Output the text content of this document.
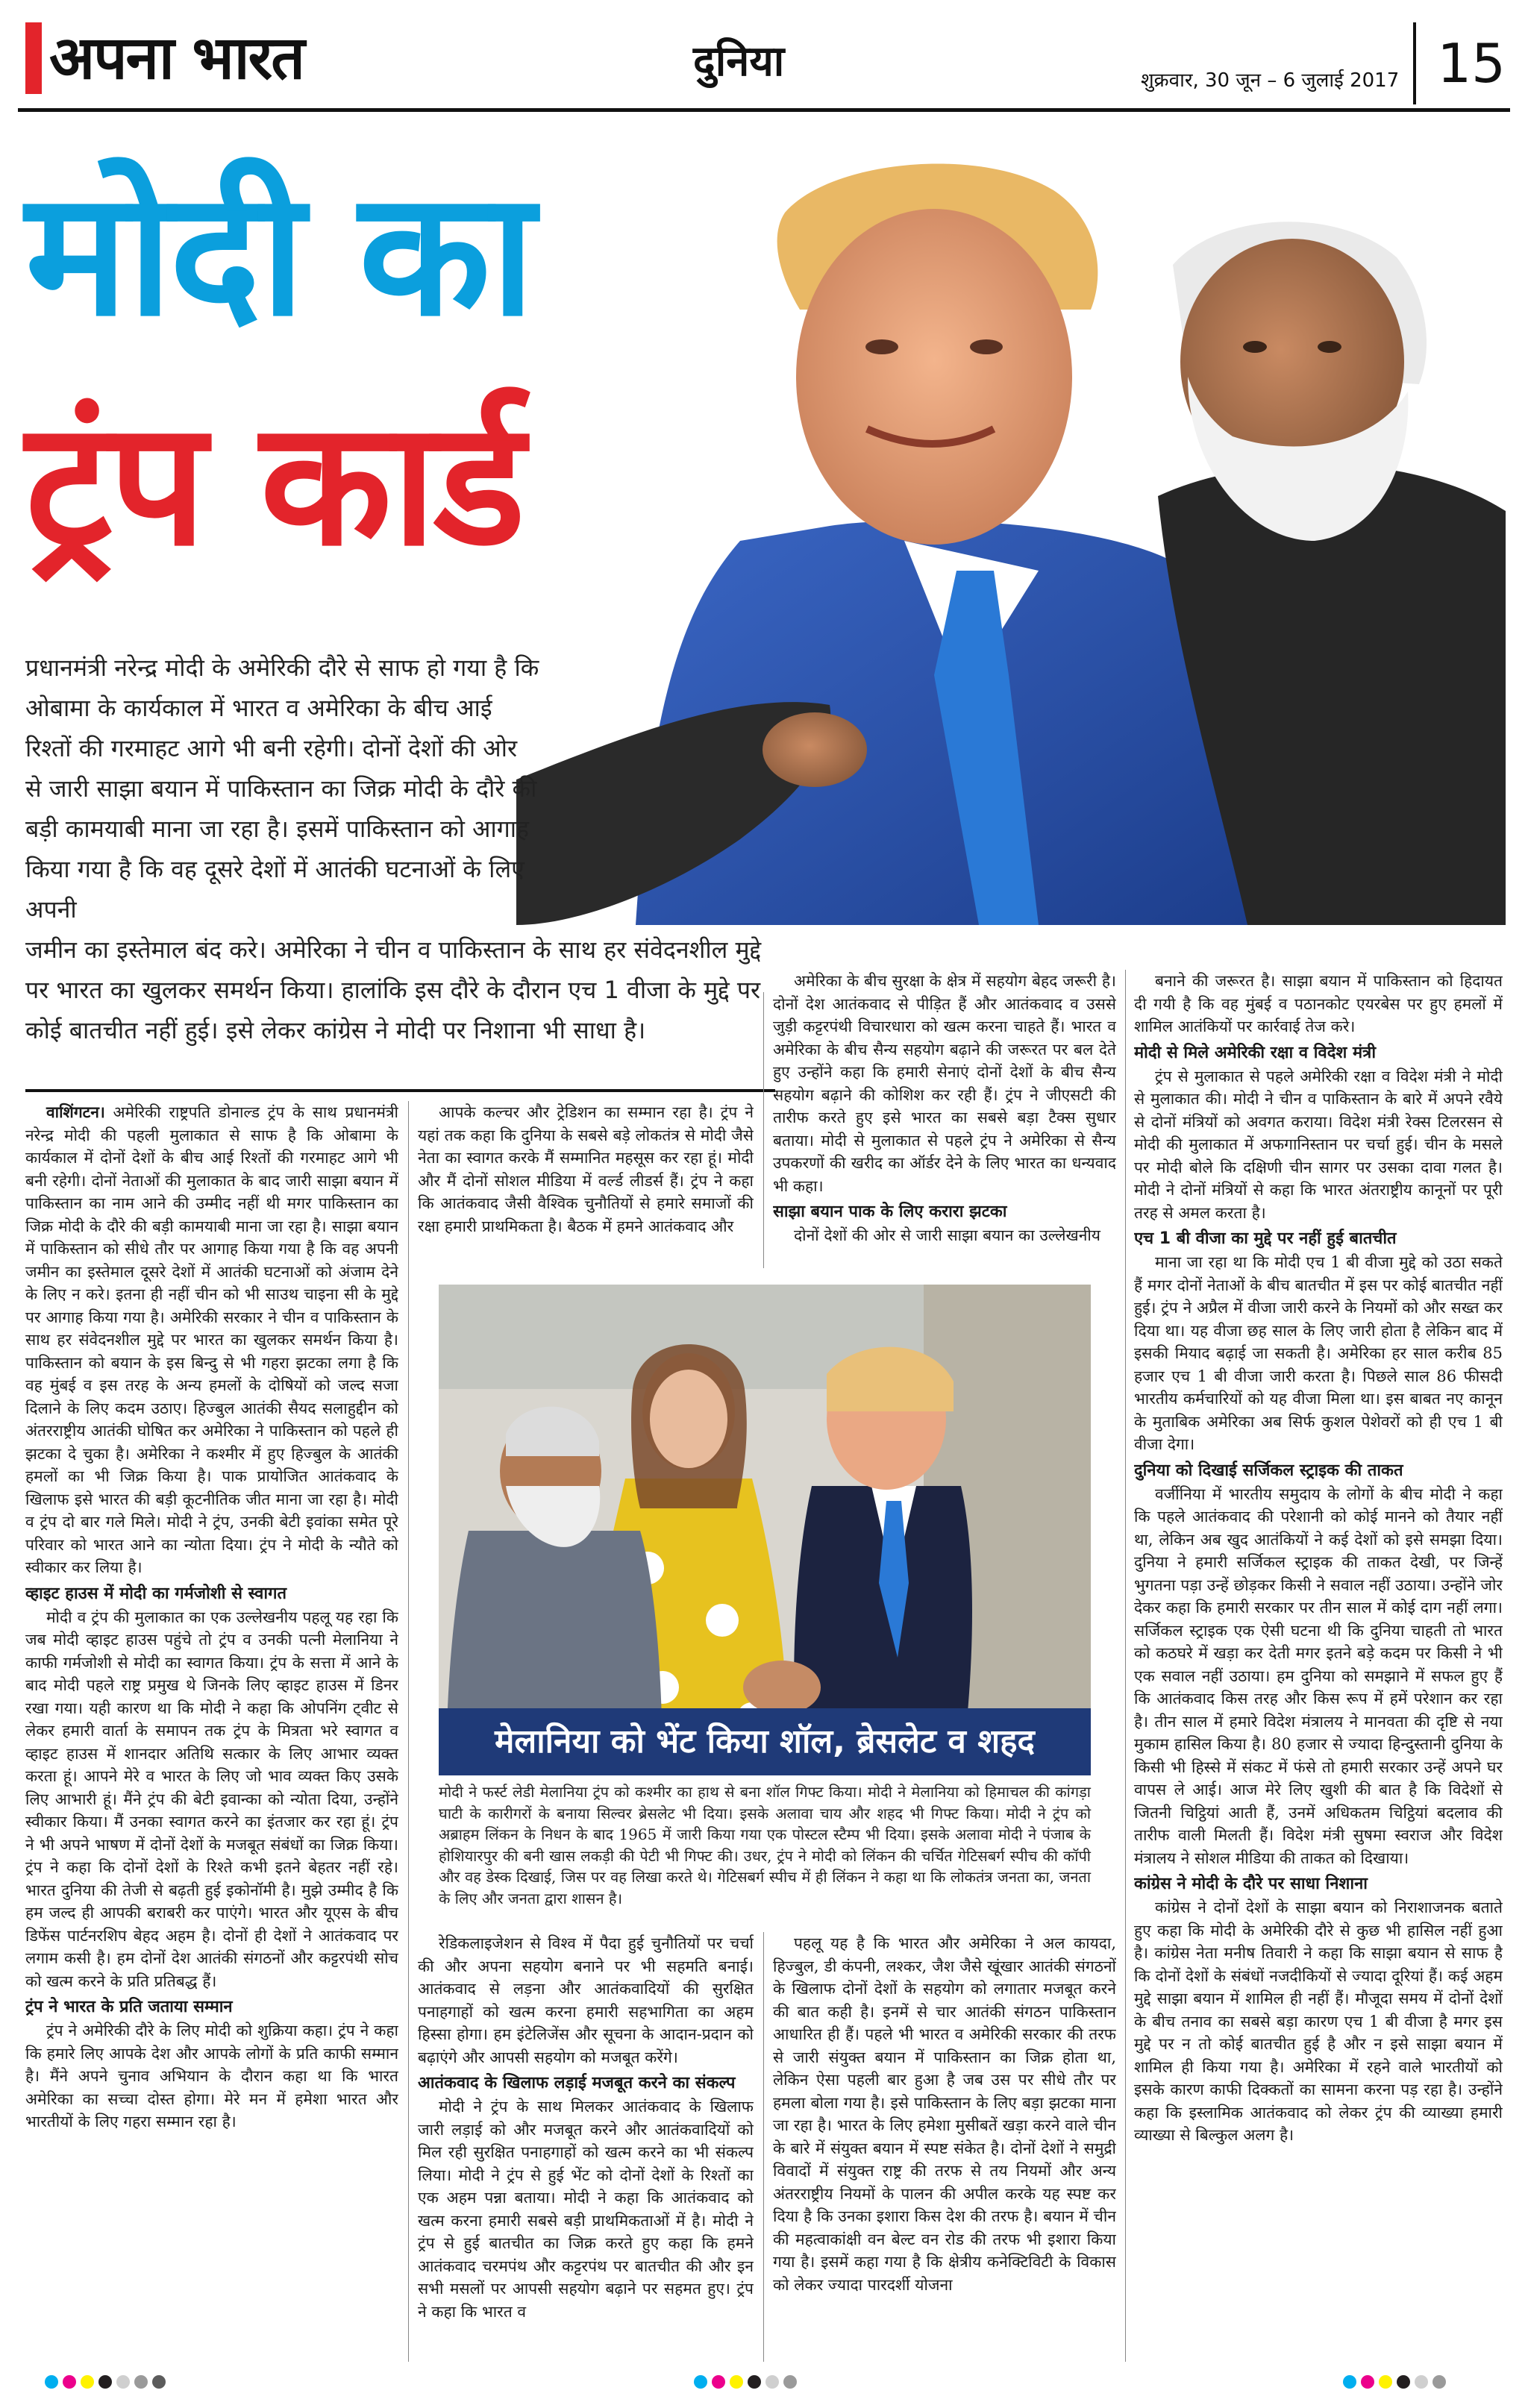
अपना भारत	दुनिया	शुक्रवार, 30 जून – 6 जुलाई 2017 15
मोदी का
ट्रंप कार्ड
प्रधानमंत्री नरेन्द्र मोदी के अमेरिकी दौरे से साफ हो गया है कि ओबामा के कार्यकाल में भारत व अमेरिका के बीच आई रिश्तों की गरमाहट आगे भी बनी रहेगी। दोनों देशों की ओर से जारी साझा बयान में पाकिस्तान का जिक्र मोदी के दौरे की बड़ी कामयाबी माना जा रहा है। इसमें पाकिस्तान को आगाह किया गया है कि वह दूसरे देशों में आतंकी घटनाओं के लिए अपनी
जमीन का इस्तेमाल बंद करे। अमेरिका ने चीन व पाकिस्तान के साथ हर संवेदनशील मुद्दे पर भारत का खुलकर समर्थन किया। हालांकि इस दौरे के दौरान एच 1 वीजा के मुद्दे पर कोई बातचीत नहीं हुई। इसे लेकर कांग्रेस ने मोदी पर निशाना भी साधा है।

वाशिंगटन। अमेरिकी राष्ट्रपति डोनाल्ड ट्रंप के साथ प्रधानमंत्री नरेन्द्र मोदी की पहली मुलाकात से साफ है कि ओबामा के कार्यकाल में दोनों देशों के बीच आई रिश्तों की गरमाहट आगे भी बनी रहेगी। दोनों नेताओं की मुलाकात के बाद जारी साझा बयान में पाकिस्तान का नाम आने की उम्मीद नहीं थी मगर पाकिस्तान का जिक्र मोदी के दौरे की बड़ी कामयाबी माना जा रहा है। साझा बयान में पाकिस्तान को सीधे तौर पर आगाह किया गया है कि वह अपनी जमीन का इस्तेमाल दूसरे देशों में आतंकी घटनाओं को अंजाम देने के लिए न करे। इतना ही नहीं चीन को भी साउथ चाइना सी के मुद्दे पर आगाह किया गया है। अमेरिकी सरकार ने चीन व पाकिस्तान के साथ हर संवेदनशील मुद्दे पर भारत का खुलकर समर्थन किया है। पाकिस्तान को बयान के इस बिन्दु से भी गहरा झटका लगा है कि वह मुंबई व इस तरह के अन्य हमलों के दोषियों को जल्द सजा दिलाने के लिए कदम उठाए। हिज्बुल आतंकी सैयद सलाहुद्दीन को अंतरराष्ट्रीय आतंकी घोषित कर अमेरिका ने पाकिस्तान को पहले ही झटका दे चुका है। अमेरिका ने कश्मीर में हुए हिज्बुल के आतंकी हमलों का भी जिक्र किया है। पाक प्रायोजित आतंकवाद के खिलाफ इसे भारत की बड़ी कूटनीतिक जीत माना जा रहा है। मोदी व ट्रंप दो बार गले मिले। मोदी ने ट्रंप, उनकी बेटी इवांका समेत पूरे परिवार को भारत आने का न्योता दिया। ट्रंप ने मोदी के न्यौते को स्वीकार कर लिया है।

व्हाइट हाउस में मोदी का गर्मजोशी से स्वागत

मोदी व ट्रंप की मुलाकात का एक उल्लेखनीय पहलू यह रहा कि जब मोदी व्हाइट हाउस पहुंचे तो ट्रंप व उनकी पत्नी मेलानिया ने काफी गर्मजोशी से मोदी का स्वागत किया। ट्रंप के सत्ता में आने के बाद मोदी पहले राष्ट्र प्रमुख थे जिनके लिए व्हाइट हाउस में डिनर रखा गया। यही कारण था कि मोदी ने कहा कि ओपनिंग ट्वीट से लेकर हमारी वार्ता के समापन तक ट्रंप के मित्रता भरे स्वागत व व्हाइट हाउस में शानदार अतिथि सत्कार के लिए आभार व्यक्त करता हूं। आपने मेरे व भारत के लिए जो भाव व्यक्त किए उसके लिए आभारी हूं। मैंने ट्रंप की बेटी इवान्का को न्योता दिया, उन्होंने स्वीकार किया। मैं उनका स्वागत करने का इंतजार कर रहा हूं। ट्रंप ने भी अपने भाषण में दोनों देशों के मजबूत संबंधों का जिक्र किया। ट्रंप ने कहा कि दोनों देशों के रिश्ते कभी इतने बेहतर नहीं रहे। भारत दुनिया की तेजी से बढ़ती हुई इकोनॉमी है। मुझे उम्मीद है कि हम जल्द ही आपकी बराबरी कर पाएंगे। भारत और यूएस के बीच डिफेंस पार्टनरशिप बेहद अहम है। दोनों ही देशों ने आतंकवाद पर लगाम कसी है। हम दोनों देश आतंकी संगठनों और कट्टरपंथी सोच को खत्म करने के प्रति प्रतिबद्ध हैं।

ट्रंप ने भारत के प्रति जताया सम्मान

ट्रंप ने अमेरिकी दौरे के लिए मोदी को शुक्रिया कहा। ट्रंप ने कहा कि हमारे लिए आपके देश और आपके लोगों के प्रति काफी सम्मान है। मैंने अपने चुनाव अभियान के दौरान कहा था कि भारत अमेरिका का सच्चा दोस्त होगा। मेरे मन में हमेशा भारत और भारतीयों के लिए गहरा सम्मान रहा है।

आपके कल्चर और ट्रेडिशन का सम्मान रहा है। ट्रंप ने यहां तक कहा कि दुनिया के सबसे बड़े लोकतंत्र से मोदी जैसे नेता का स्वागत करके मैं सम्मानित महसूस कर रहा हूं। मोदी और मैं दोनों सोशल मीडिया में वर्ल्ड लीडर्स हैं। ट्रंप ने कहा कि आतंकवाद जैसी वैश्विक चुनौतियों से हमारे समाजों की रक्षा हमारी प्राथमिकता है। बैठक में हमने आतंकवाद और

अमेरिका के बीच सुरक्षा के क्षेत्र में सहयोग बेहद जरूरी है। दोनों देश आतंकवाद से पीड़ित हैं और आतंकवाद व उससे जुड़ी कट्टरपंथी विचारधारा को खत्म करना चाहते हैं। भारत व अमेरिका के बीच सैन्य सहयोग बढ़ाने की जरूरत पर बल देते हुए उन्होंने कहा कि हमारी सेनाएं दोनों देशों के बीच सैन्य सहयोग बढ़ाने की कोशिश कर रही हैं। ट्रंप ने जीएसटी की तारीफ करते हुए इसे भारत का सबसे बड़ा टैक्स सुधार बताया। मोदी से मुलाकात से पहले ट्रंप ने अमेरिका से सैन्य उपकरणों की खरीद का ऑर्डर देने के लिए भारत का धन्यवाद भी कहा।

साझा बयान पाक के लिए करारा झटका

दोनों देशों की ओर से जारी साझा बयान का उल्लेखनीय

मेलानिया को भेंट किया शॉल, ब्रेसलेट व शहद

मोदी ने फर्स्ट लेडी मेलानिया ट्रंप को कश्मीर का हाथ से बना शॉल गिफ्ट किया। मोदी ने मेलानिया को हिमाचल की कांगड़ा घाटी के कारीगरों के बनाया सिल्वर ब्रेसलेट भी दिया। इसके अलावा चाय और शहद भी गिफ्ट किया। मोदी ने ट्रंप को अब्राहम लिंकन के निधन के बाद 1965 में जारी किया गया एक पोस्टल स्टैम्प भी दिया। इसके अलावा मोदी ने पंजाब के होशियारपुर की बनी खास लकड़ी की पेटी भी गिफ्ट की। उधर, ट्रंप ने मोदी को लिंकन की चर्चित गेटिसबर्ग स्पीच की कॉपी और वह डेस्क दिखाई, जिस पर वह लिखा करते थे। गेटिसबर्ग स्पीच में ही लिंकन ने कहा था कि लोकतंत्र जनता का, जनता के लिए और जनता द्वारा शासन है।

रेडिकलाइजेशन से विश्व में पैदा हुई चुनौतियों पर चर्चा की और अपना सहयोग बनाने पर भी सहमति बनाई। आतंकवाद से लड़ना और आतंकवादियों की सुरक्षित पनाहगाहों को खत्म करना हमारी सहभागिता का अहम हिस्सा होगा। हम इंटेलिजेंस और सूचना के आदान-प्रदान को बढ़ाएंगे और आपसी सहयोग को मजबूत करेंगे।

आतंकवाद के खिलाफ लड़ाई मजबूत करने का संकल्प

मोदी ने ट्रंप के साथ मिलकर आतंकवाद के खिलाफ जारी लड़ाई को और मजबूत करने और आतंकवादियों को मिल रही सुरक्षित पनाहगाहों को खत्म करने का भी संकल्प लिया। मोदी ने ट्रंप से हुई भेंट को दोनों देशों के रिश्तों का एक अहम पन्ना बताया। मोदी ने कहा कि आतंकवाद को खत्म करना हमारी सबसे बड़ी प्राथमिकताओं में है। मोदी ने ट्रंप से हुई बातचीत का जिक्र करते हुए कहा कि हमने आतंकवाद चरमपंथ और कट्टरपंथ पर बातचीत की और इन सभी मसलों पर आपसी सहयोग बढ़ाने पर सहमत हुए। ट्रंप ने कहा कि भारत व

पहलू यह है कि भारत और अमेरिका ने अल कायदा, हिज्बुल, डी कंपनी, लश्कर, जैश जैसे खूंखार आतंकी संगठनों के खिलाफ दोनों देशों के सहयोग को लगातार मजबूत करने की बात कही है। इनमें से चार आतंकी संगठन पाकिस्तान आधारित ही हैं। पहले भी भारत व अमेरिकी सरकार की तरफ से जारी संयुक्त बयान में पाकिस्तान का जिक्र होता था, लेकिन ऐसा पहली बार हुआ है जब उस पर सीधे तौर पर हमला बोला गया है। इसे पाकिस्तान के लिए बड़ा झटका माना जा रहा है। भारत के लिए हमेशा मुसीबतें खड़ा करने वाले चीन के बारे में संयुक्त बयान में स्पष्ट संकेत है। दोनों देशों ने समुद्री विवादों में संयुक्त राष्ट्र की तरफ से तय नियमों और अन्य अंतरराष्ट्रीय नियमों के पालन की अपील करके यह स्पष्ट कर दिया है कि उनका इशारा किस देश की तरफ है। बयान में चीन की महत्वाकांक्षी वन बेल्ट वन रोड की तरफ भी इशारा किया गया है। इसमें कहा गया है कि क्षेत्रीय कनेक्टिविटी के विकास को लेकर ज्यादा पारदर्शी योजना

बनाने की जरूरत है। साझा बयान में पाकिस्तान को हिदायत दी गयी है कि वह मुंबई व पठानकोट एयरबेस पर हुए हमलों में शामिल आतंकियों पर कार्रवाई तेज करे।

मोदी से मिले अमेरिकी रक्षा व विदेश मंत्री

ट्रंप से मुलाकात से पहले अमेरिकी रक्षा व विदेश मंत्री ने मोदी से मुलाकात की। मोदी ने चीन व पाकिस्तान के बारे में अपने रवैये से दोनों मंत्रियों को अवगत कराया। विदेश मंत्री रेक्स टिलरसन से मोदी की मुलाकात में अफगानिस्तान पर चर्चा हुई। चीन के मसले पर मोदी बोले कि दक्षिणी चीन सागर पर उसका दावा गलत है। मोदी ने दोनों मंत्रियों से कहा कि भारत अंतराष्ट्रीय कानूनों पर पूरी तरह से अमल करता है।

एच 1 बी वीजा का मुद्दे पर नहीं हुई बातचीत

माना जा रहा था कि मोदी एच 1 बी वीजा मुद्दे को उठा सकते हैं मगर दोनों नेताओं के बीच बातचीत में इस पर कोई बातचीत नहीं हुई। ट्रंप ने अप्रैल में वीजा जारी करने के नियमों को और सख्त कर दिया था। यह वीजा छह साल के लिए जारी होता है लेकिन बाद में इसकी मियाद बढ़ाई जा सकती है। अमेरिका हर साल करीब 85 हजार एच 1 बी वीजा जारी करता है। पिछले साल 86 फीसदी भारतीय कर्मचारियों को यह वीजा मिला था। इस बाबत नए कानून के मुताबिक अमेरिका अब सिर्फ कुशल पेशेवरों को ही एच 1 बी वीजा देगा।

दुनिया को दिखाई सर्जिकल स्ट्राइक की ताकत

वर्जीनिया में भारतीय समुदाय के लोगों के बीच मोदी ने कहा कि पहले आतंकवाद की परेशानी को कोई मानने को तैयार नहीं था, लेकिन अब खुद आतंकियों ने कई देशों को इसे समझा दिया। दुनिया ने हमारी सर्जिकल स्ट्राइक की ताकत देखी, पर जिन्हें भुगतना पड़ा उन्हें छोड़कर किसी ने सवाल नहीं उठाया। उन्होंने जोर देकर कहा कि हमारी सरकार पर तीन साल में कोई दाग नहीं लगा। सर्जिकल स्ट्राइक एक ऐसी घटना थी कि दुनिया चाहती तो भारत को कठघरे में खड़ा कर देती मगर इतने बड़े कदम पर किसी ने भी एक सवाल नहीं उठाया। हम दुनिया को समझाने में सफल हुए हैं कि आतंकवाद किस तरह और किस रूप में हमें परेशान कर रहा है। तीन साल में हमारे विदेश मंत्रालय ने मानवता की दृष्टि से नया मुकाम हासिल किया है। 80 हजार से ज्यादा हिन्दुस्तानी दुनिया के किसी भी हिस्से में संकट में फंसे तो हमारी सरकार उन्हें अपने घर वापस ले आई। आज मेरे लिए खुशी की बात है कि विदेशों से जितनी चिट्ठियां आती हैं, उनमें अधिकतम चिट्ठियां बदलाव की तारीफ वाली मिलती हैं। विदेश मंत्री सुषमा स्वराज और विदेश मंत्रालय ने सोशल मीडिया की ताकत को दिखाया।

कांग्रेस ने मोदी के दौरे पर साधा निशाना

कांग्रेस ने दोनों देशों के साझा बयान को निराशाजनक बताते हुए कहा कि मोदी के अमेरिकी दौरे से कुछ भी हासिल नहीं हुआ है। कांग्रेस नेता मनीष तिवारी ने कहा कि साझा बयान से साफ है कि दोनों देशों के संबंधों नजदीकियों से ज्यादा दूरियां हैं। कई अहम मुद्दे साझा बयान में शामिल ही नहीं हैं। मौजूदा समय में दोनों देशों के बीच तनाव का सबसे बड़ा कारण एच 1 बी वीजा है मगर इस मुद्दे पर न तो कोई बातचीत हुई है और न इसे साझा बयान में शामिल ही किया गया है। अमेरिका में रहने वाले भारतीयों को इसके कारण काफी दिक्कतों का सामना करना पड़ रहा है। उन्होंने कहा कि इस्लामिक आतंकवाद को लेकर ट्रंप की व्याख्या हमारी व्याख्या से बिल्कुल अलग है।
